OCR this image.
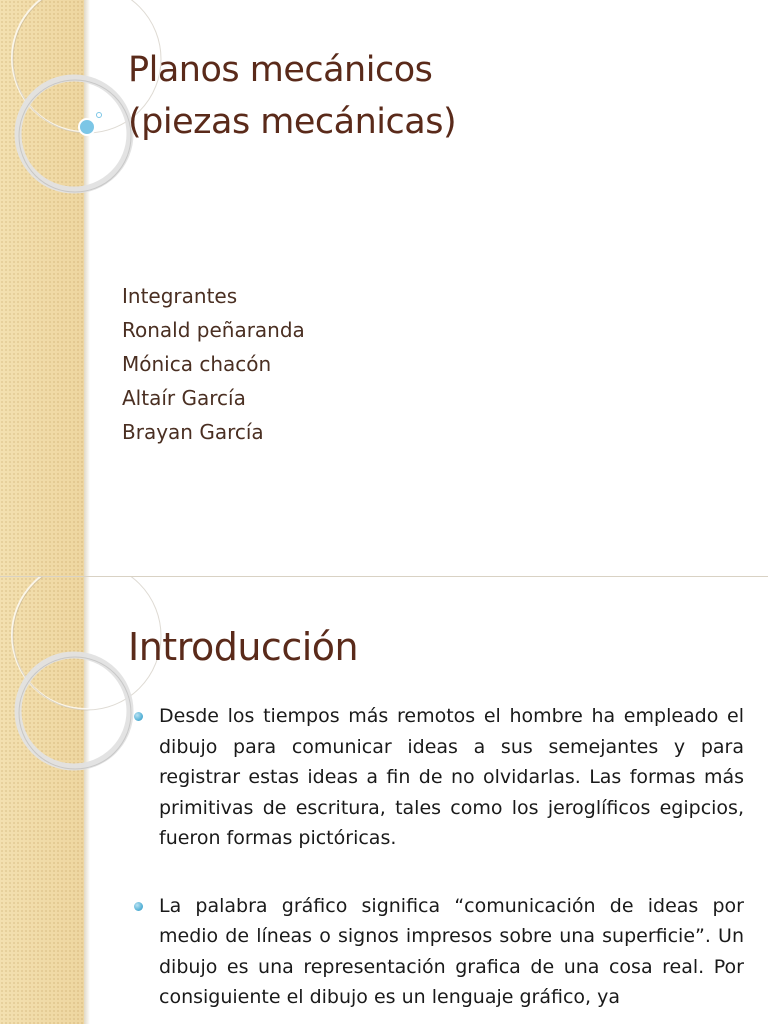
Planos mecánicos
(piezas mecánicas)
Integrantes
Ronald peñaranda
Mónica chacón
Altaír García
Brayan García
Introducción
Desde los tiempos más remotos el hombre ha empleado el dibujo para comunicar ideas a sus semejantes y para registrar estas ideas a fin de no olvidarlas. Las formas más primitivas de escritura, tales como los jeroglíficos egipcios, fueron formas pictóricas.
La palabra gráfico significa “comunicación de ideas por medio de líneas o signos impresos sobre una superficie”. Un dibujo es una representación grafica de una cosa real. Por consiguiente el dibujo es un lenguaje gráfico, ya
